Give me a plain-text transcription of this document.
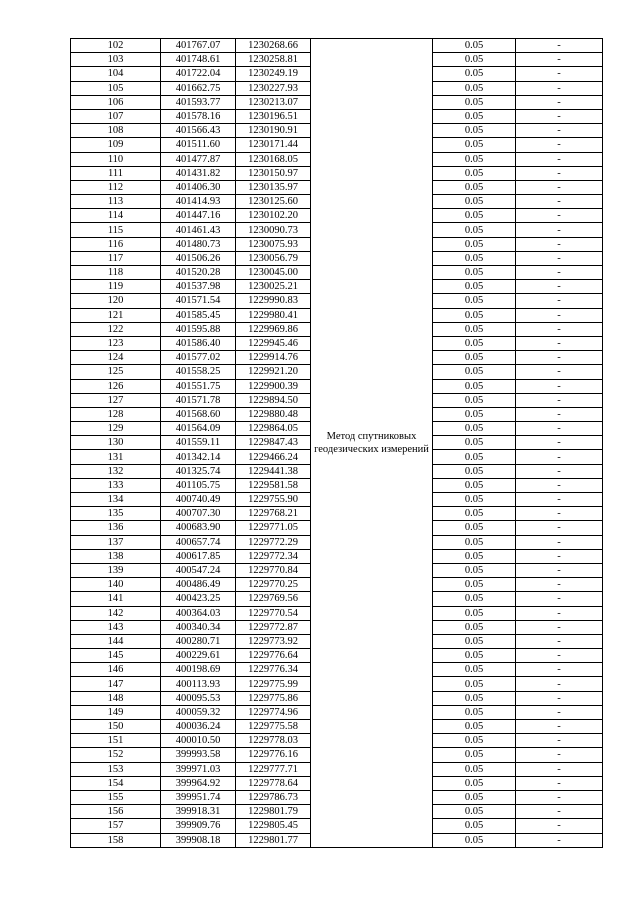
102	401767.07	1230268.66	Метод спутниковых геодезических измерений	0.05	-
103	401748.61	1230258.81		0.05	-
104	401722.04	1230249.19		0.05	-
105	401662.75	1230227.93		0.05	-
106	401593.77	1230213.07		0.05	-
107	401578.16	1230196.51		0.05	-
108	401566.43	1230190.91		0.05	-
109	401511.60	1230171.44		0.05	-
110	401477.87	1230168.05		0.05	-
111	401431.82	1230150.97		0.05	-
112	401406.30	1230135.97		0.05	-
113	401414.93	1230125.60		0.05	-
114	401447.16	1230102.20		0.05	-
115	401461.43	1230090.73		0.05	-
116	401480.73	1230075.93		0.05	-
117	401506.26	1230056.79		0.05	-
118	401520.28	1230045.00		0.05	-
119	401537.98	1230025.21		0.05	-
120	401571.54	1229990.83		0.05	-
121	401585.45	1229980.41		0.05	-
122	401595.88	1229969.86		0.05	-
123	401586.40	1229945.46		0.05	-
124	401577.02	1229914.76		0.05	-
125	401558.25	1229921.20		0.05	-
126	401551.75	1229900.39		0.05	-
127	401571.78	1229894.50		0.05	-
128	401568.60	1229880.48		0.05	-
129	401564.09	1229864.05		0.05	-
130	401559.11	1229847.43		0.05	-
131	401342.14	1229466.24		0.05	-
132	401325.74	1229441.38		0.05	-
133	401105.75	1229581.58		0.05	-
134	400740.49	1229755.90		0.05	-
135	400707.30	1229768.21		0.05	-
136	400683.90	1229771.05		0.05	-
137	400657.74	1229772.29		0.05	-
138	400617.85	1229772.34		0.05	-
139	400547.24	1229770.84		0.05	-
140	400486.49	1229770.25		0.05	-
141	400423.25	1229769.56		0.05	-
142	400364.03	1229770.54		0.05	-
143	400340.34	1229772.87		0.05	-
144	400280.71	1229773.92		0.05	-
145	400229.61	1229776.64		0.05	-
146	400198.69	1229776.34		0.05	-
147	400113.93	1229775.99		0.05	-
148	400095.53	1229775.86		0.05	-
149	400059.32	1229774.96		0.05	-
150	400036.24	1229775.58		0.05	-
151	400010.50	1229778.03		0.05	-
152	399993.58	1229776.16		0.05	-
153	399971.03	1229777.71		0.05	-
154	399964.92	1229778.64		0.05	-
155	399951.74	1229786.73		0.05	-
156	399918.31	1229801.79		0.05	-
157	399909.76	1229805.45		0.05	-
158	399908.18	1229801.77		0.05	-
